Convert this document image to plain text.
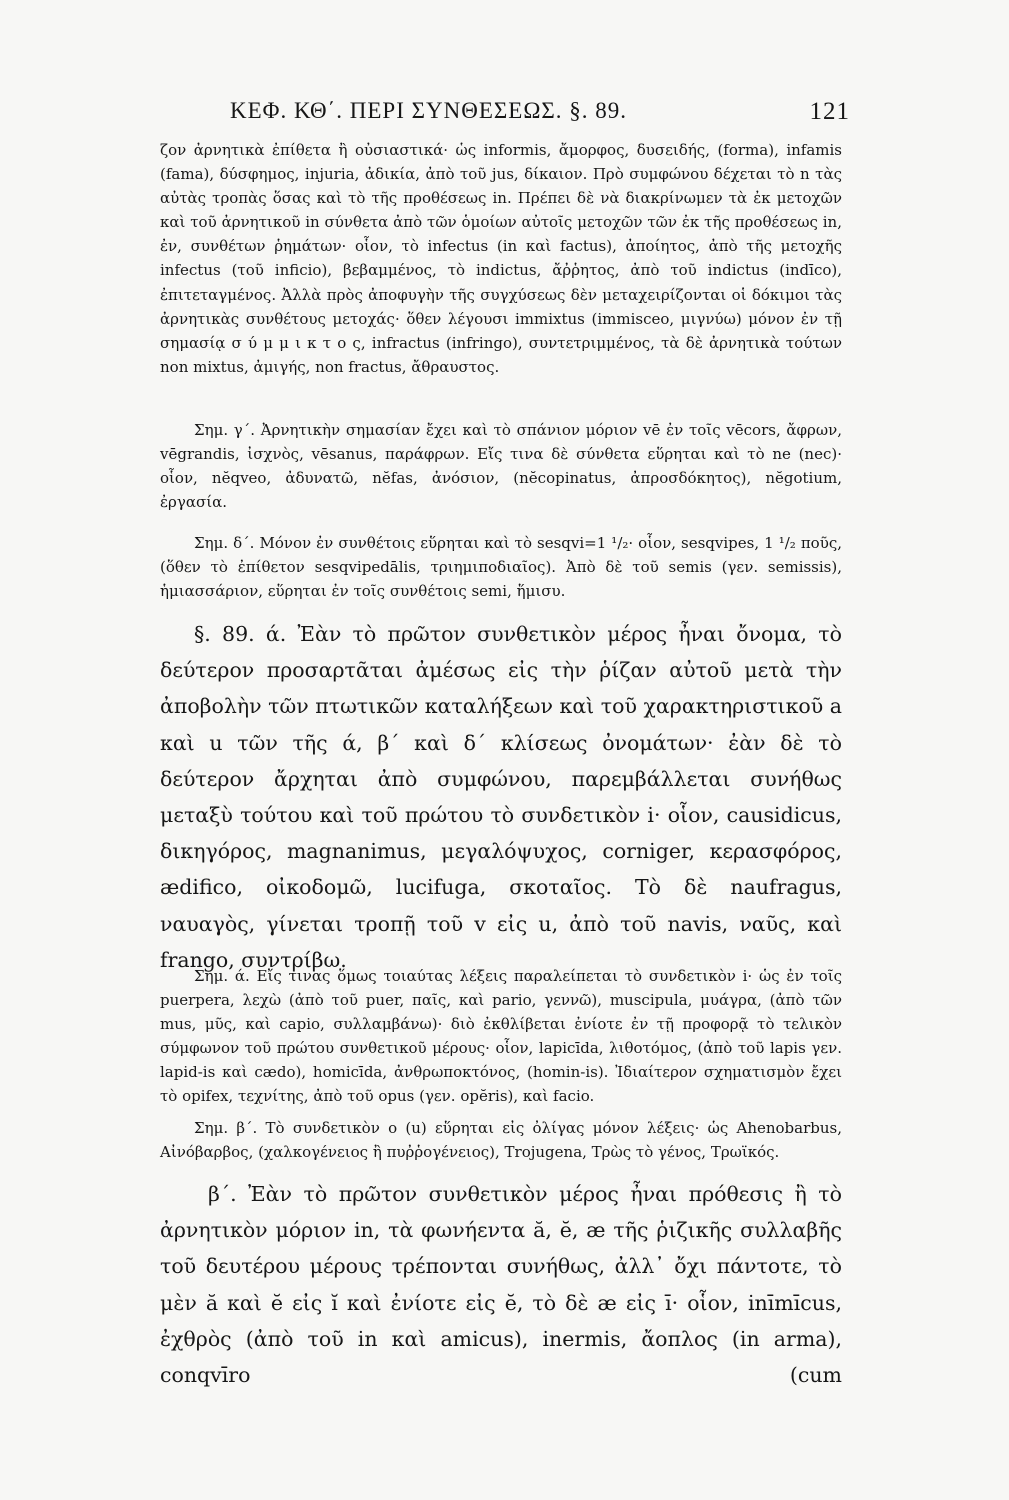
ΚΕΦ. ΚΘ΄. ΠΕΡΙ ΣΥΝΘΕΣΕΩΣ. §. 89.	121

ζον ἀρνητικὰ ἐπίθετα ἢ οὐσιαστικά· ὡς informis, ἄμορφος, δυσειδής, (forma), infamis (fama), δύσφημος, injuria, ἀδικία, ἀπὸ τοῦ jus, δίκαιον. Πρὸ συμφώνου δέχεται τὸ n τὰς αὐτὰς τροπὰς ὅσας καὶ τὸ τῆς προθέσεως in. Πρέπει δὲ νὰ διακρίνωμεν τὰ ἐκ μετοχῶν καὶ τοῦ ἀρνητικοῦ in σύνθετα ἀπὸ τῶν ὁμοίων αὐτοῖς μετοχῶν τῶν ἐκ τῆς προθέσεως in, ἐν, συνθέτων ῥημάτων· οἷον, τὸ infectus (in καὶ factus), ἀποίητος, ἀπὸ τῆς μετοχῆς infectus (τοῦ inficio), βεβαμμένος, τὸ indictus, ἄῤῥητος, ἀπὸ τοῦ indictus (indīco), ἐπιτεταγμένος. Ἀλλὰ πρὸς ἀποφυγὴν τῆς συγχύσεως δὲν μεταχειρίζονται οἱ δόκιμοι τὰς ἀρνητικὰς συνθέτους μετοχάς· ὅθεν λέγουσι immixtus (immisceo, μιγνύω) μόνον ἐν τῇ σημασίᾳ σ ύ μ μ ι κ τ ο ς, infractus (infringo), συντετριμμένος, τὰ δὲ ἀρνητικὰ τούτων non mixtus, ἀμιγής, non fractus, ἄθραυστος.

Σημ. γ΄. Ἀρνητικὴν σημασίαν ἔχει καὶ τὸ σπάνιον μόριον vē ἐν τοῖς vēcors, ἄφρων, vēgrandis, ἰσχνὸς, vēsanus, παράφρων. Εἴς τινα δὲ σύνθετα εὕρηται καὶ τὸ ne (nec)· οἷον, nĕqveo, ἀδυνατῶ, nĕfas, ἀνόσιον, (nĕcopinatus, ἀπροσδόκητος), nĕgotium, ἐργασία.

Σημ. δ΄. Μόνον ἐν συνθέτοις εὕρηται καὶ τὸ sesqvi=1 ¹/₂· οἷον, sesqvipes, 1 ¹/₂ ποῦς, (ὅθεν τὸ ἐπίθετον sesqvipedālis, τριημιποδιαῖος). Ἀπὸ δὲ τοῦ semis (γεν. semissis), ἡμιασσάριον, εὕρηται ἐν τοῖς συνθέτοις semi, ἥμισυ.

§. 89. ά. Ἐὰν τὸ πρῶτον συνθετικὸν μέρος ἦναι ὄνομα, τὸ δεύτερον προσαρτᾶται ἀμέσως εἰς τὴν ῥίζαν αὐτοῦ μετὰ τὴν ἀποβολὴν τῶν πτωτικῶν καταλήξεων καὶ τοῦ χαρακτηριστικοῦ a καὶ u τῶν τῆς ά, β΄ καὶ δ΄ κλίσεως ὀνομάτων· ἐὰν δὲ τὸ δεύτερον ἄρχηται ἀπὸ συμφώνου, παρεμβάλλεται συνήθως μεταξὺ τούτου καὶ τοῦ πρώτου τὸ συνδετικὸν i· οἷον, causidicus, δικηγόρος, magnanimus, μεγαλόψυχος, corniger, κερασφόρος, ædifico, οἰκοδομῶ, lucifuga, σκοταῖος. Τὸ δὲ naufragus, ναυαγὸς, γίνεται τροπῇ τοῦ v εἰς u, ἀπὸ τοῦ navis, ναῦς, καὶ frango, συντρίβω.

Σημ. ά. Εἴς τινας ὅμως τοιαύτας λέξεις παραλείπεται τὸ συνδετικὸν i· ὡς ἐν τοῖς puerpera, λεχὼ (ἀπὸ τοῦ puer, παῖς, καὶ pario, γεννῶ), muscipula, μυάγρα, (ἀπὸ τῶν mus, μῦς, καὶ capio, συλλαμβάνω)· διὸ ἐκθλίβεται ἐνίοτε ἐν τῇ προφορᾷ τὸ τελικὸν σύμφωνον τοῦ πρώτου συνθετικοῦ μέρους· οἷον, lapicīda, λιθοτόμος, (ἀπὸ τοῦ lapis γεν. lapid-is καὶ cædo), homicīda, ἀνθρωποκτόνος, (homin-is). Ἰδιαίτερον σχηματισμὸν ἔχει τὸ opifex, τεχνίτης, ἀπὸ τοῦ opus (γεν. opĕris), καὶ facio.

Σημ. β΄. Τὸ συνδετικὸν o (u) εὕρηται εἰς ὀλίγας μόνον λέξεις· ὡς Ahenobarbus, Αἰνόβαρβος, (χαλκογένειος ἢ πυῤῥογένειος), Trojugena, Τρὼς τὸ γένος, Τρωϊκός.

β΄. Ἐὰν τὸ πρῶτον συνθετικὸν μέρος ἦναι πρόθεσις ἢ τὸ ἀρνητικὸν μόριον in, τὰ φωνήεντα ă, ĕ, æ τῆς ῥιζικῆς συλλαβῆς τοῦ δευτέρου μέρους τρέπονται συνήθως, ἀλλ᾽ ὄχι πάντοτε, τὸ μὲν ă καὶ ĕ εἰς ĭ καὶ ἐνίοτε εἰς ĕ, τὸ δὲ æ εἰς ī· οἷον, inīmīcus, ἐχθρὸς (ἀπὸ τοῦ in καὶ amicus), inermis, ἄοπλος (in arma), conqvīro (cum
